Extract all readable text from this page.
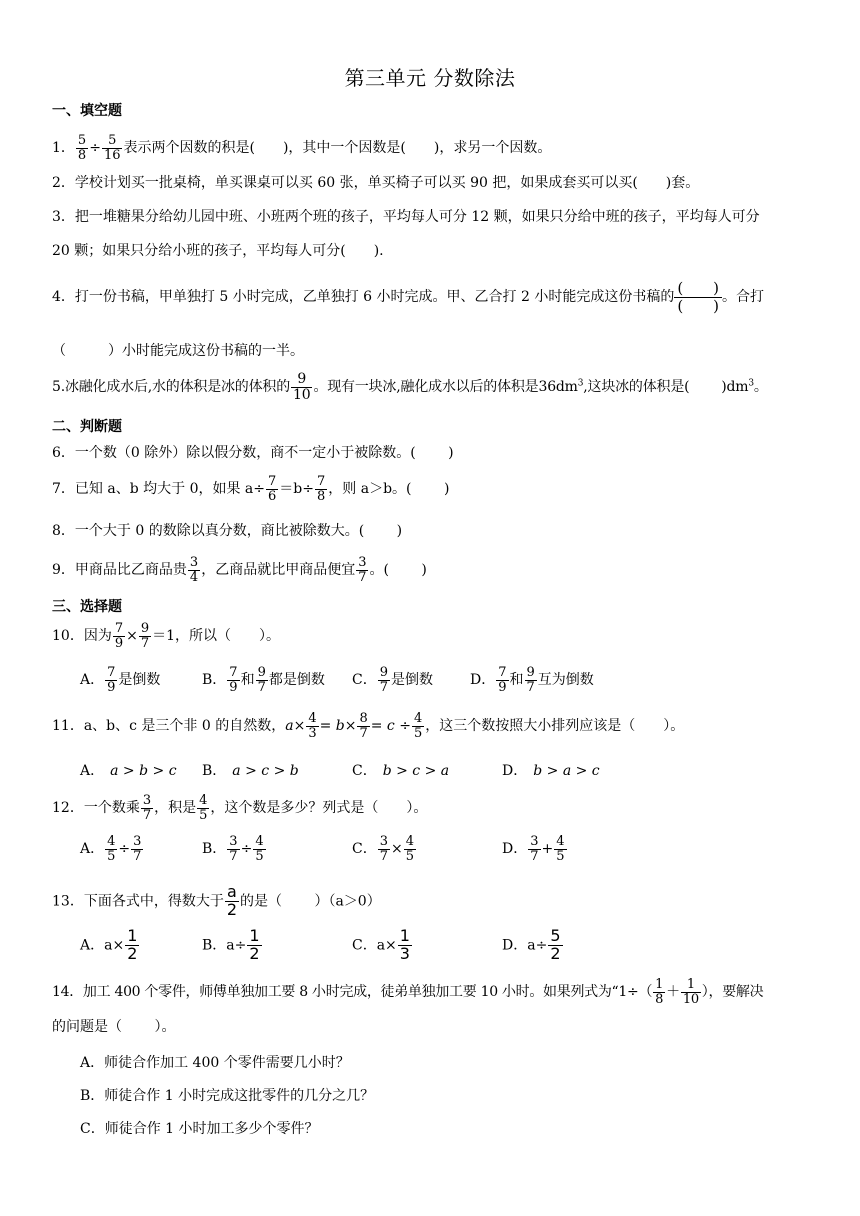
第三单元 分数除法
一、填空题
1． $\frac{5}{8} \div \frac{5}{16}$ 表示两个因数的积是(　　)，其中一个因数是(　　)，求另一个因数。
2．学校计划买一批桌椅，单买课桌可以买 60 张，单买椅子可以买 90 把，如果成套买可以买(　　)套。
3．把一堆糖果分给幼儿园中班、小班两个班的孩子，平均每人可分 12 颗，如果只分给中班的孩子，平均每人可分
20 颗；如果只分给小班的孩子，平均每人可分(　　).
4．打一份书稿，甲单独打 5 小时完成，乙单独打 6 小时完成。甲、乙合打 2 小时能完成这份书稿的 $\frac{( )}{( )}$ 。合打
（　　　）小时能完成这份书稿的一半。
5.冰融化成水后,水的体积是冰的体积的 $\frac{9}{10}$ 。现有一块冰,融化成水以后的体积是$36dm^3$,这块冰的体积是(　　 )$dm^3$。
二、判断题
6．一个数（0 除外）除以假分数，商不一定小于被除数。(　　 )
7．已知 a、b 均大于 0，如果 $a\div \frac{7}{6} =b\div \frac{7}{8}$ ，则 a＞b。(　　 )
8．一个大于 0 的数除以真分数，商比被除数大。(　　 )
9．甲商品比乙商品贵 $\frac{3}{4}$ ，乙商品就比甲商品便宜 $\frac{3}{7}$ 。(　　 )
三、选择题
10．因为 $\frac{7}{9} \times \frac{9}{7} =1$，所以（　　）。
A． $\frac{7}{9}$ 是倒数	B． $\frac{7}{9}$ 和 $\frac{9}{7}$ 都是倒数 C． $\frac{9}{7}$ 是倒数	D． $\frac{7}{9}$ 和 $\frac{9}{7}$ 互为倒数
11．a、b、c 是三个非 0 的自然数，$a\times \frac{4}{3} = b\times \frac{8}{7} = c \div \frac{4}{5}$ ，这三个数按照大小排列应该是（　　）。
A． a > b > c B． a > c > b	C． b > c > a	D． b > a > c
12．一个数乘 $\frac{3}{7}$ ，积是 $\frac{4}{5}$ ，这个数是多少？列式是（　　）。
A． $\frac{4}{5} \div \frac{3}{7}$	B． $\frac{3}{7} \div \frac{4}{5}$	C． $\frac{3}{7} \times \frac{4}{5}$	D． $\frac{3}{7} + \frac{4}{5}$
13．下面各式中，得数大于 $\frac{a}{2}$ 的是（　　 ）（a＞0）
A．$a\times \frac{1}{2}$	B．$a\div \frac{1}{2}$	C．$a\times \frac{1}{3}$	D．$a\div \frac{5}{2}$
14．加工 400 个零件，师傅单独加工要 8 小时完成，徒弟单独加工要 10 小时。如果列式为“$1\div( \frac{1}{8} + \frac{1}{10}$ ），要解决
的问题是（　　 ）。
A．师徒合作加工 400 个零件需要几小时？
B．师徒合作 1 小时完成这批零件的几分之几？
C．师徒合作 1 小时加工多少个零件？
